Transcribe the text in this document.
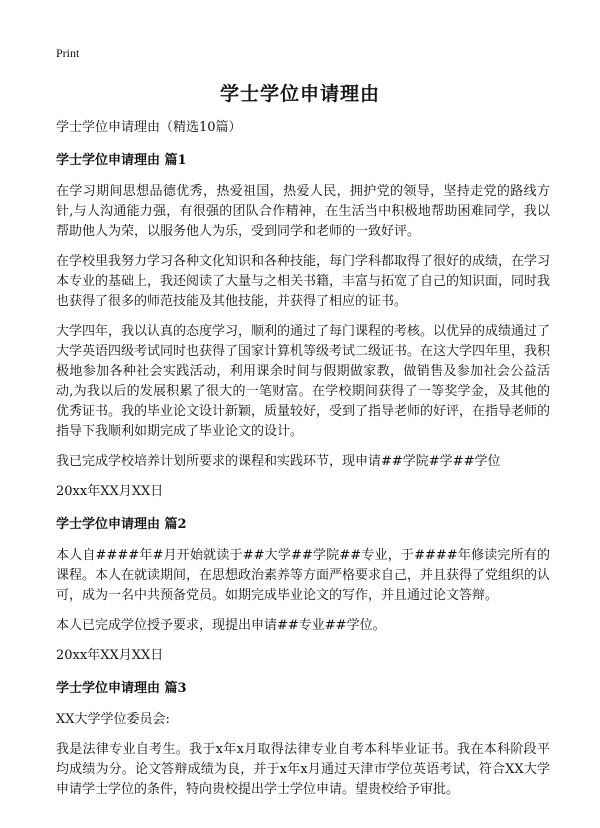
Print
学士学位申请理由

学士学位申请理由（精选10篇）

学士学位申请理由 篇1

在学习期间思想品德优秀，热爱祖国，热爱人民，拥护党的领导，坚持走党的路线方针,与人沟通能力强，有很强的团队合作精神，在生活当中积极地帮助困难同学，我以帮助他人为荣，以服务他人为乐，受到同学和老师的一致好评。

在学校里我努力学习各种文化知识和各种技能，每门学科都取得了很好的成绩，在学习本专业的基础上，我还阅读了大量与之相关书籍，丰富与拓宽了自己的知识面，同时我也获得了很多的师范技能及其他技能，并获得了相应的证书。

大学四年，我以认真的态度学习，顺利的通过了每门课程的考核。以优异的成绩通过了大学英语四级考试同时也获得了国家计算机等级考试二级证书。在这大学四年里，我积极地参加各种社会实践活动，利用课余时间与假期做家教，做销售及参加社会公益活动,为我以后的发展积累了很大的一笔财富。在学校期间获得了一等奖学金，及其他的优秀证书。我的毕业论文设计新颖，质量较好，受到了指导老师的好评，在指导老师的指导下我顺利如期完成了毕业论文的设计。

我已完成学校培养计划所要求的课程和实践环节，现申请##学院#学##学位

20xx年XX月XX日

学士学位申请理由 篇2

本人自####年#月开始就读于##大学##学院##专业，于####年修读完所有的课程。本人在就读期间，在思想政治素养等方面严格要求自己，并且获得了党组织的认可，成为一名中共预备党员。如期完成毕业论文的写作，并且通过论文答辩。

本人已完成学位授予要求，现提出申请##专业##学位。

20xx年XX月XX日

学士学位申请理由 篇3

XX大学学位委员会:

我是法律专业自考生。我于x年x月取得法律专业自考本科毕业证书。我在本科阶段平均成绩为分。论文答辩成绩为良，并于x年x月通过天津市学位英语考试，符合XX大学申请学士学位的条件，特向贵校提出学士学位申请。望贵校给予审批。
